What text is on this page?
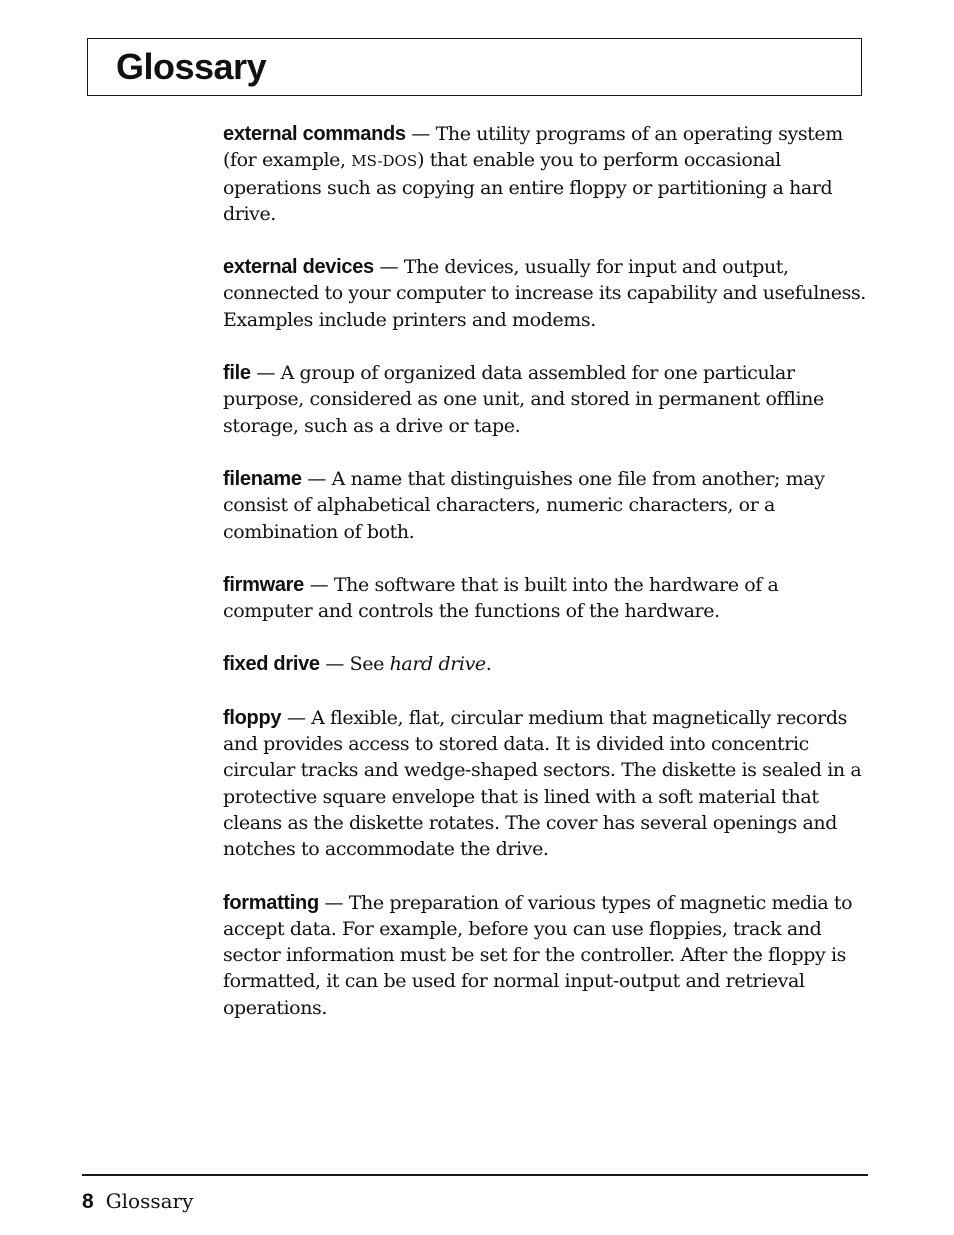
Glossary

external commands — The utility programs of an operating system (for example, MS-DOS) that enable you to perform occasional operations such as copying an entire floppy or partitioning a hard drive.

external devices — The devices, usually for input and output, connected to your computer to increase its capability and usefulness. Examples include printers and modems.

file — A group of organized data assembled for one particular purpose, considered as one unit, and stored in permanent offline storage, such as a drive or tape.

filename — A name that distinguishes one file from another; may consist of alphabetical characters, numeric characters, or a combination of both.

firmware — The software that is built into the hardware of a computer and controls the functions of the hardware.

fixed drive — See hard drive.

floppy — A flexible, flat, circular medium that magnetically records and provides access to stored data. It is divided into concentric circular tracks and wedge-shaped sectors. The diskette is sealed in a protective square envelope that is lined with a soft material that cleans as the diskette rotates. The cover has several openings and notches to accommodate the drive.

formatting — The preparation of various types of magnetic media to accept data. For example, before you can use floppies, track and sector information must be set for the controller. After the floppy is formatted, it can be used for normal input-output and retrieval operations.

8 Glossary
